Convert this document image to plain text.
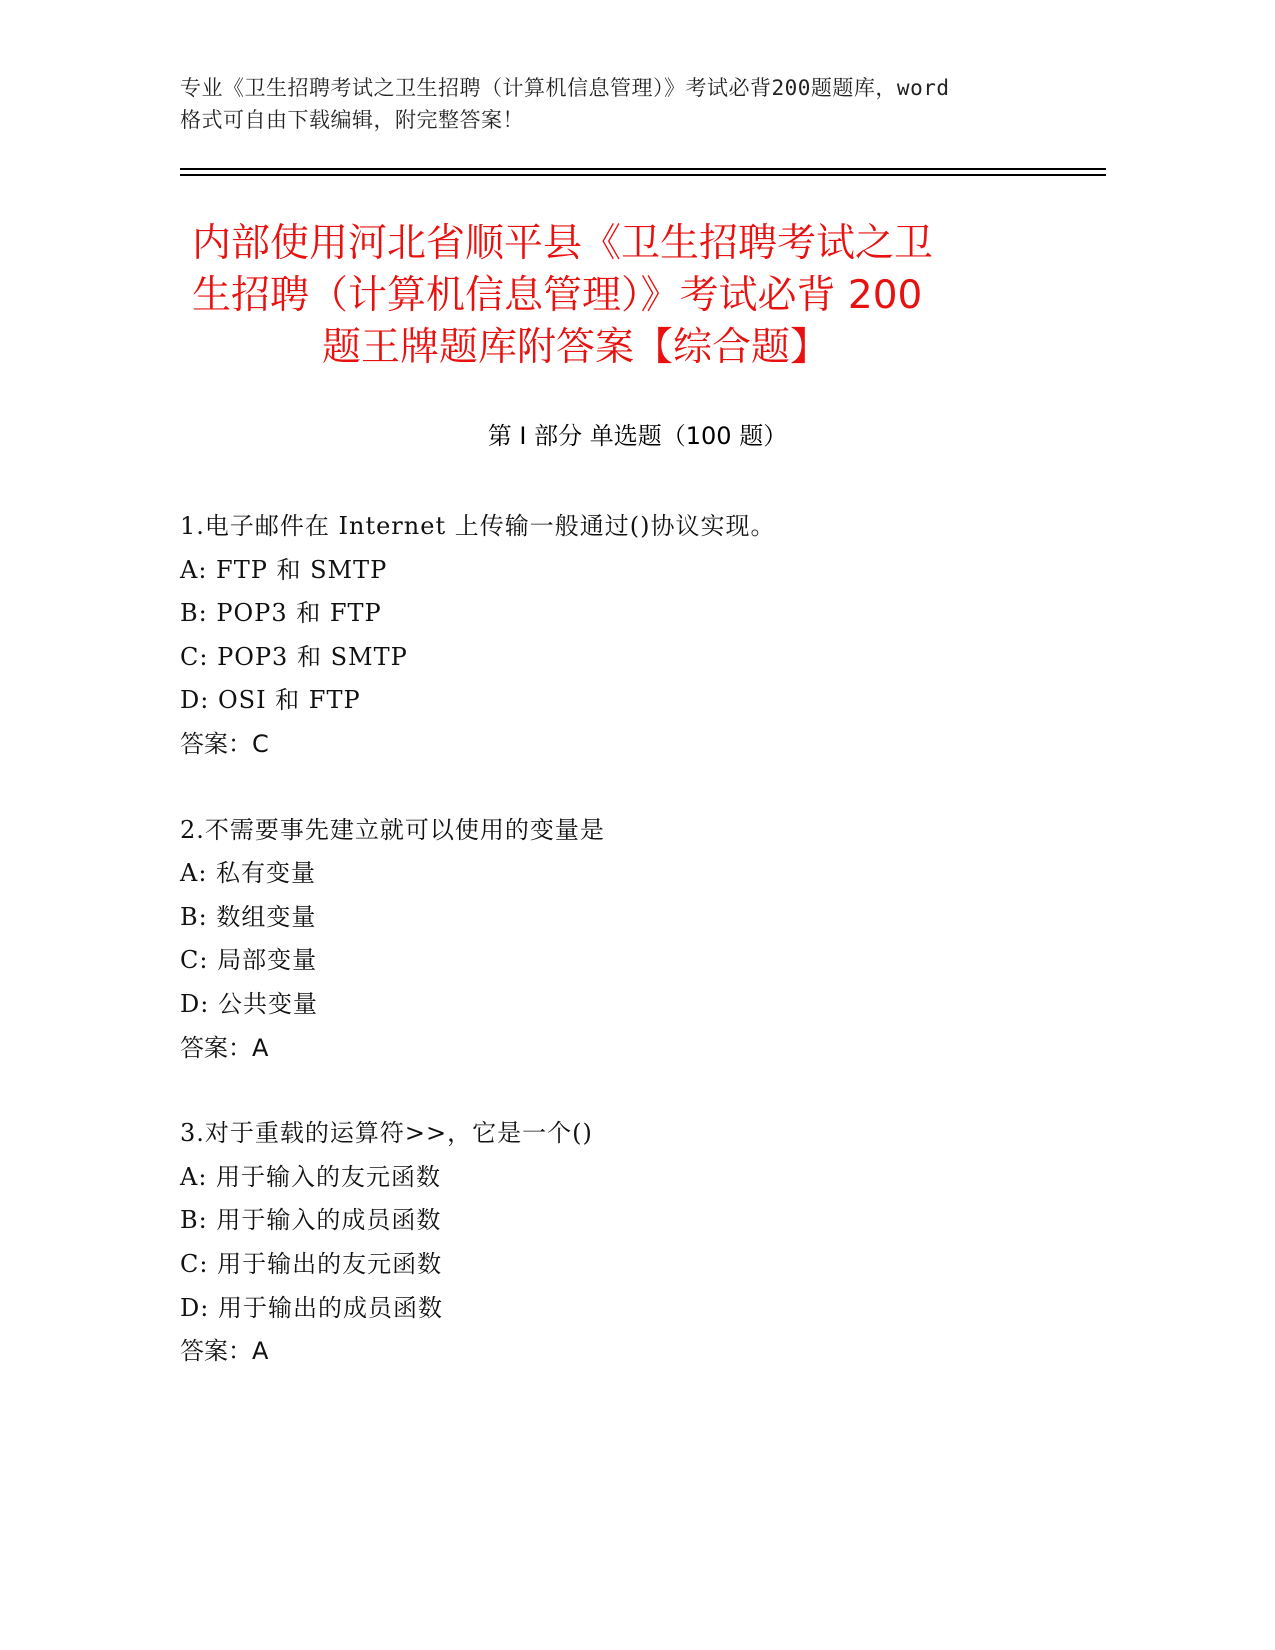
专业《卫生招聘考试之卫生招聘（计算机信息管理）》考试必背200题题库，word
格式可自由下载编辑，附完整答案！
内部使用河北省顺平县《卫生招聘考试之卫
生招聘（计算机信息管理）》考试必背 200
题王牌题库附答案【综合题】
第 I 部分 单选题（100 题）
1.电子邮件在 Internet 上传输一般通过()协议实现。
A: FTP 和 SMTP
B: POP3 和 FTP
C: POP3 和 SMTP
D: OSI 和 FTP
答案：C
2.不需要事先建立就可以使用的变量是
A: 私有变量
B: 数组变量
C: 局部变量
D: 公共变量
答案：A
3.对于重载的运算符>>，它是一个()
A: 用于输入的友元函数
B: 用于输入的成员函数
C: 用于输出的友元函数
D: 用于输出的成员函数
答案：A
